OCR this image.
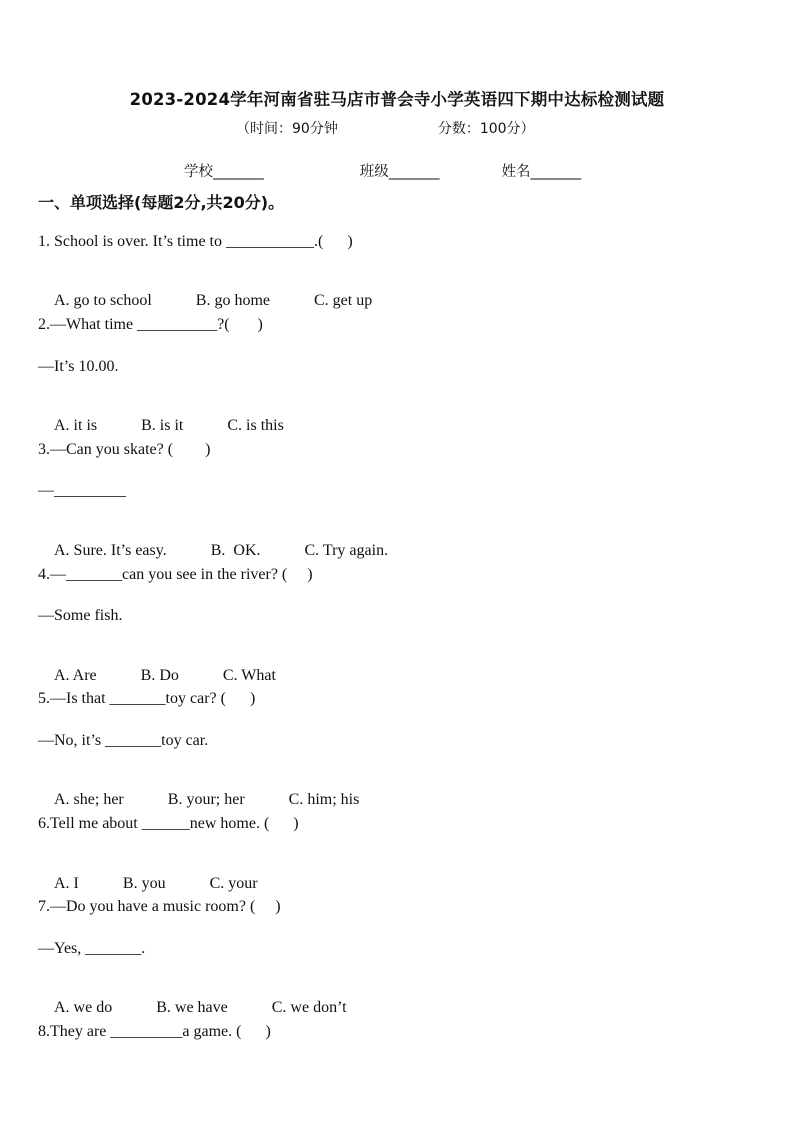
2023-2024学年河南省驻马店市普会寺小学英语四下期中达标检测试题
（时间：90分钟	分数：100分）
学校_______	班级_______	姓名_______
一、单项选择(每题2分,共20分)。
1. School is over. It’s time to ___________.(      )

A. go to school	B. go home	C. get up

2.—What time __________?(       )
—It’s 10.00.

A. it is	B. is it	C. is this

3.—Can you skate? (        )
—_________

A. Sure. It’s easy.	B.  OK.	C. Try again.

4.—_______can you see in the river? (     )
—Some fish.

A. Are	B. Do	C. What

5.—Is that _______toy car? (      )
—No, it’s _______toy car.

A. she; her	B. your; her	C. him; his

6.Tell me about ______new home. (      )

A. I	B. you	C. your

7.—Do you have a music room? (     )
—Yes, _______.

A. we do	B. we have	C. we don’t

8.They are _________a game. (      )
